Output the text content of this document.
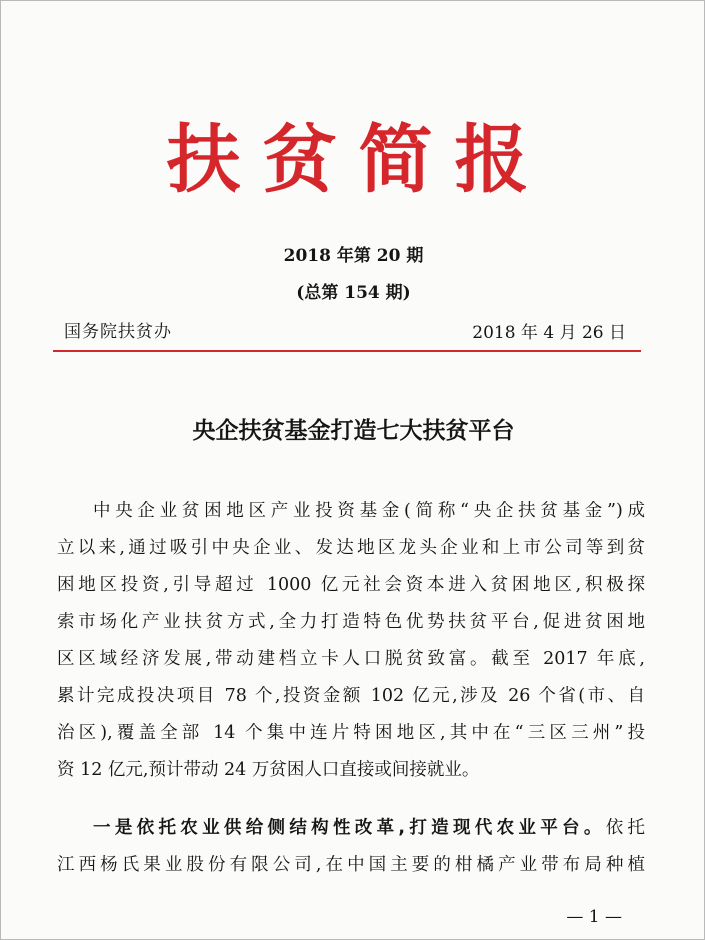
扶贫简报
2018 年第 20 期
(总第 154 期)
国务院扶贫办	2018 年 4 月 26 日
央企扶贫基金打造七大扶贫平台
中央企业贫困地区产业投资基金(简称“央企扶贫基金”)成
立以来,通过吸引中央企业、发达地区龙头企业和上市公司等到贫
困地区投资,引导超过 1000 亿元社会资本进入贫困地区,积极探
索市场化产业扶贫方式,全力打造特色优势扶贫平台,促进贫困地
区区域经济发展,带动建档立卡人口脱贫致富。截至 2017 年底,
累计完成投决项目 78 个,投资金额 102 亿元,涉及 26 个省(市、自
治区),覆盖全部 14 个集中连片特困地区,其中在“三区三州”投
资 12 亿元,预计带动 24 万贫困人口直接或间接就业。
一是依托农业供给侧结构性改革,打造现代农业平台。依托
江西杨氏果业股份有限公司,在中国主要的柑橘产业带布局种植
— 1 —
